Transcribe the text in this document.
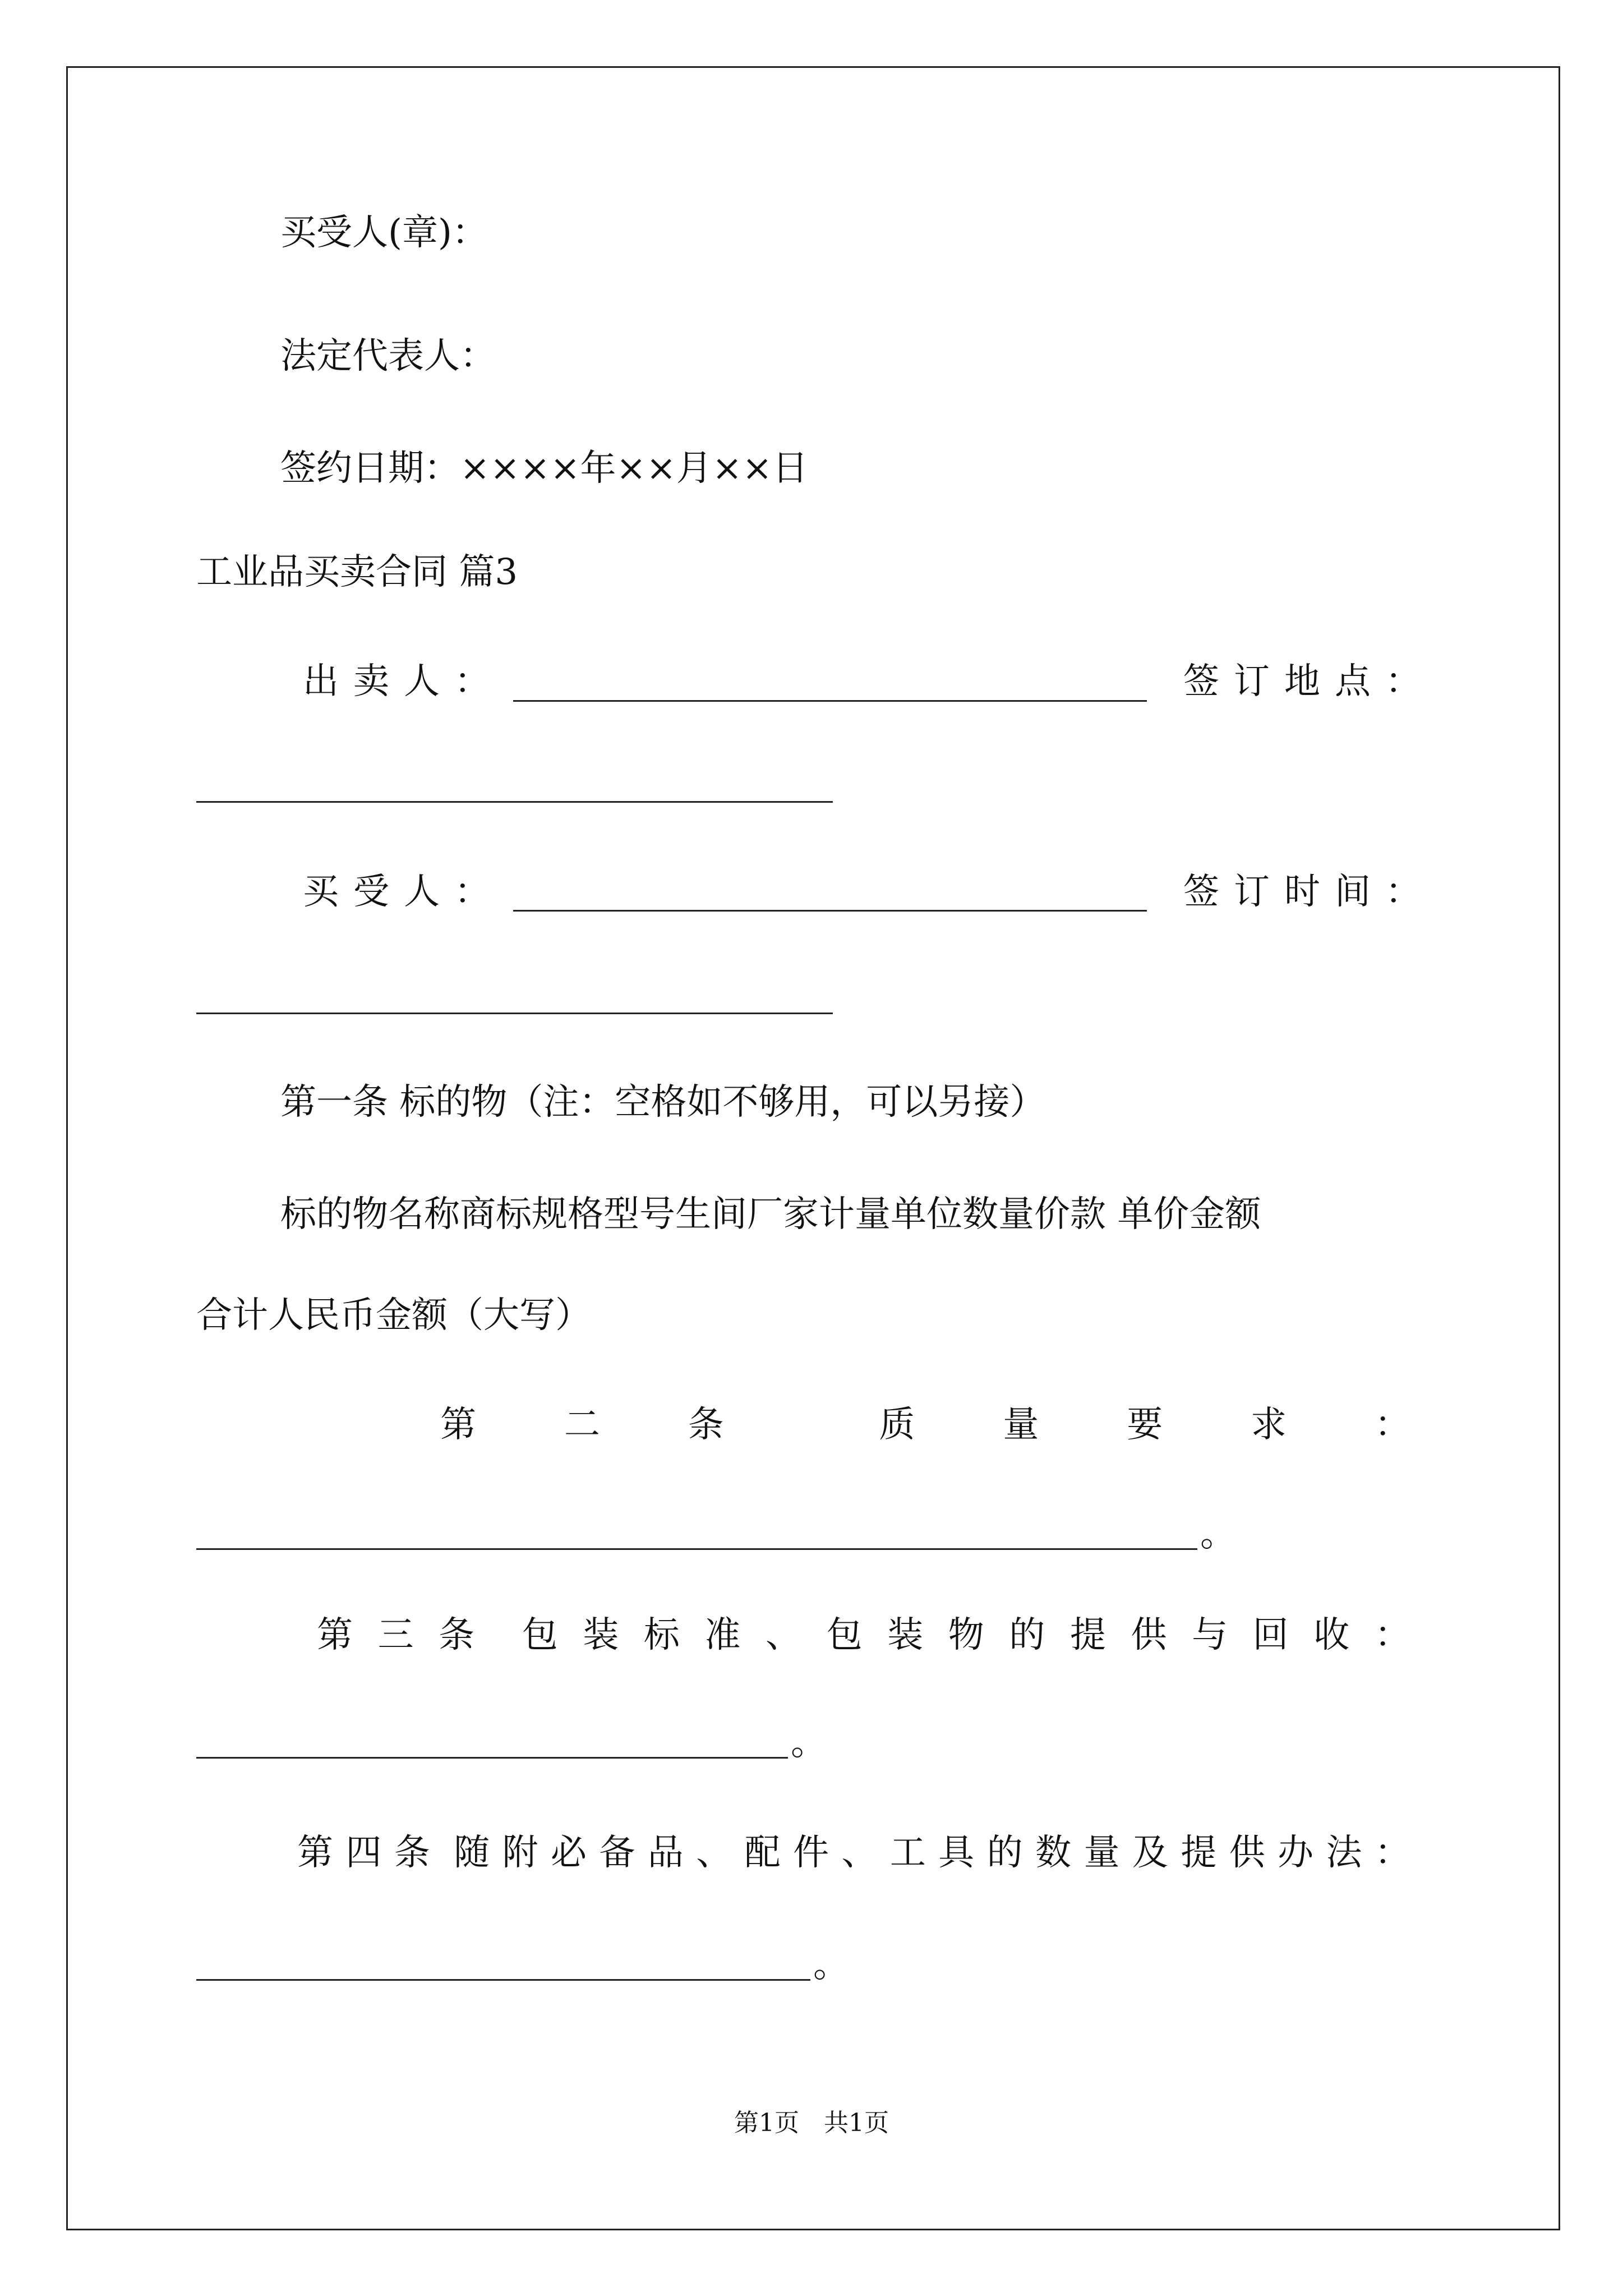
买受人(章)：
法定代表人：
签约日期：××××年××月××日
工业品买卖合同 篇3
出卖人：	签订地点：
买受人：	签订时间：
第一条 标的物（注：空格如不够用，可以另接）
标的物名称商标规格型号生间厂家计量单位数量价款 单价金额
合计人民币金额（大写）
第 二 条	质 量 要 求 ：
。
第 三 条 包 装 标 准 、 包 装 物 的 提 供 与 回 收 ：
。
第 四 条 随 附 必 备 品 、 配 件 、 工 具 的 数 量 及 提 供 办 法 ：
。
第1页　共1页
